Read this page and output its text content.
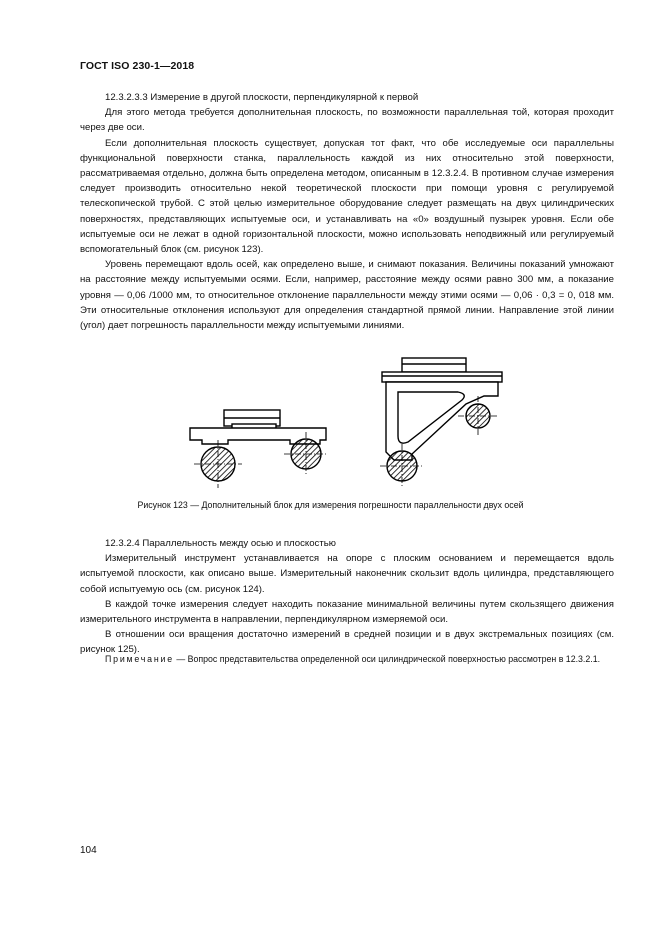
ГОСТ ISO 230-1—2018

12.3.2.3.3 Измерение в другой плоскости, перпендикулярной к первой

Для этого метода требуется дополнительная плоскость, по возможности параллельная той, которая проходит через две оси.

Если дополнительная плоскость существует, допуская тот факт, что обе исследуемые оси параллельны функциональной поверхности станка, параллельность каждой из них относительно этой поверхности, рассматриваемая отдельно, должна быть определена методом, описанным в 12.3.2.4. В противном случае измерения следует производить относительно некой теоретической плоскости при помощи уровня с регулируемой телескопической трубой. С этой целью измерительное оборудование следует размещать на двух цилиндрических поверхностях, представляющих испытуемые оси, и устанавливать на «0» воздушный пузырек уровня. Если обе испытуемые оси не лежат в одной горизонтальной плоскости, можно использовать неподвижный или регулируемый вспомогательный блок (см. рисунок 123).

Уровень перемещают вдоль осей, как определено выше, и снимают показания. Величины показаний умножают на расстояние между испытуемыми осями. Если, например, расстояние между осями равно 300 мм, а показание уровня — 0,06 /1000 мм, то относительное отклонение параллельности между этими осями — 0,06 · 0,3 = 0, 018 мм. Эти относительные отклонения используют для определения стандартной прямой линии. Направление этой линии (угол) дает погрешность параллельности между испытуемыми линиями.

Рисунок 123 — Дополнительный блок для измерения погрешности параллельности двух осей

12.3.2.4 Параллельность между осью и плоскостью

Измерительный инструмент устанавливается на опоре с плоским основанием и перемещается вдоль испытуемой плоскости, как описано выше. Измерительный наконечник скользит вдоль цилиндра, представляющего собой испытуемую ось (см. рисунок 124).

В каждой точке измерения следует находить показание минимальной величины путем скользящего движения измерительного инструмента в направлении, перпендикулярном измеряемой оси.

В отношении оси вращения достаточно измерений в средней позиции и в двух экстремальных позициях (см. рисунок 125).

Примечание — Вопрос представительства определенной оси цилиндрической поверхностью рассмотрен в 12.3.2.1.
104
